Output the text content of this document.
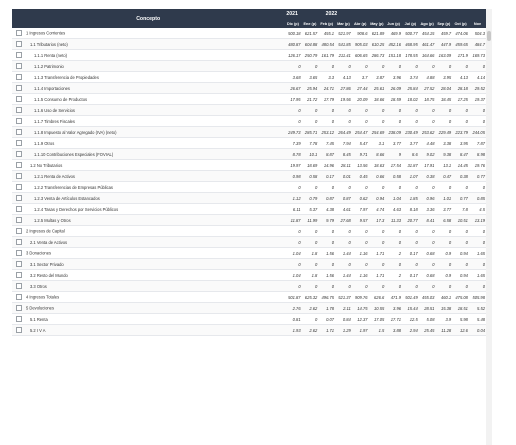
Concepto	2021	2022										
	Dic (p)	Ene (p)	Feb (p)	Mar (p)	Abr (p)	May (p)	Jun (p)	Jul (p)	Ago (p)	Sep (p)	Oct (p)	Nov
1 Ingresos Corrientes	500.18	621.57	455.1	521.97	908.6	621.89	469.9	500.77	454.15	459.7	474.06	504.3
1.1 Tributarios (neto)	480.87	604.88	480.54	541.85	905.03	610.25	452.16	468.95	461.47	447.9	459.65	484.7
1.1.1 Renta (neto)	126.17	250.79	161.79	211.41	606.65	286.73	151.18	178.55	164.66	163.09	171.9	169.73
1.1.2 Patrimonio	0	0	0	0	0	0	0	0	0	0	0	0
1.1.3 Transferencia de Propiedades	3.68	3.65	3.3	4.13	3.7	3.87	3.96	3.74	4.88	3.95	4.13	4.14
1.1.4 Importaciones	26.67	25.94	24.71	27.86	27.44	25.61	26.09	25.84	27.52	28.04	28.18	29.52
1.1.5 Consumo de Productos	17.95	21.72	17.79	19.56	20.09	18.66	18.59	18.02	18.75	18.45	17.25	19.37
1.1.6 Uso de Servicios	0	0	0	0	0	0	0	0	0	0	0	0
1.1.7 Timbres Fiscales	0	0	0	0	0	0	0	0	0	0	0	0
1.1.8 Impuesto al Valor Agregado (IVA) (neto)	249.73	285.71	253.12	264.49	254.47	254.69	238.09	230.49	253.62	229.49	223.79	244.05
1.1.9 Otros	7.39	7.78	7.45	7.94	5.47	3.1	3.77	3.77	4.48	3.38	3.95	7.87
1.1.10 Contribuciones Especiales (FOVIAL)	8.78	10.1	8.87	8.45	9.71	8.66	9	8.6	9.02	9.38	8.47	8.98
1.2 No Tributarios	19.97	18.69	14.96	28.11	13.56	18.63	17.54	31.87	17.91	13.1	14.45	19.76
1.2.1 Renta de Activos	0.98	0.58	0.17	0.01	0.45	0.66	0.58	1.07	0.38	0.47	0.38	0.77
1.2.2 Transferencias de Empresas Públicas	0	0	0	0	0	0	0	0	0	0	0	0
1.2.3 Venta de Artículos Estancados	1.12	0.79	0.87	0.87	0.62	0.94	1.04	1.85	0.96	1.01	0.77	0.85
1.2.4 Tasas y Derechos por Servicios Públicos	6.11	5.37	4.38	4.61	7.97	4.74	4.63	8.18	3.36	3.77	7.8	4.5
1.2.5 Multas y Otros	11.87	11.99	9.79	27.68	9.57	17.3	11.33	20.77	8.41	6.58	10.51	13.19
2 Ingresos de Capital	0	0	0	0	0	0	0	0	0	0	0	0
2.1 Venta de Activos	0	0	0	0	0	0	0	0	0	0	0	0
3 Donaciones	1.04	1.8	1.56	1.44	1.16	1.71	2	0.17	0.68	0.9	0.94	1.65
3.1 Sector Privado	0	0	0	0	0	0	0	0	0	0	0	0
3.2 Resto del Mundo	1.04	1.8	1.56	1.44	1.16	1.71	2	0.17	0.68	0.9	0.94	1.65
3.3 Otros	0	0	0	0	0	0	0	0	0	0	0	0
4 Ingresos Totales	501.87	625.32	496.75	521.37	909.76	626.6	471.9	501.49	455.03	460.1	475.08	505.98
5 Devoluciones	2.76	2.62	1.78	2.11	14.75	10.55	3.96	15.44	28.51	15.38	18.51	5.52
5.1 Renta	0.81	0	0.07	0.84	12.37	17.05	17.71	12.5	5.08	3.9	5.98	5.48
5.2 I V A	1.93	2.62	1.71	1.29	1.97	1.5	3.88	2.94	25.45	11.28	12.6	0.04
